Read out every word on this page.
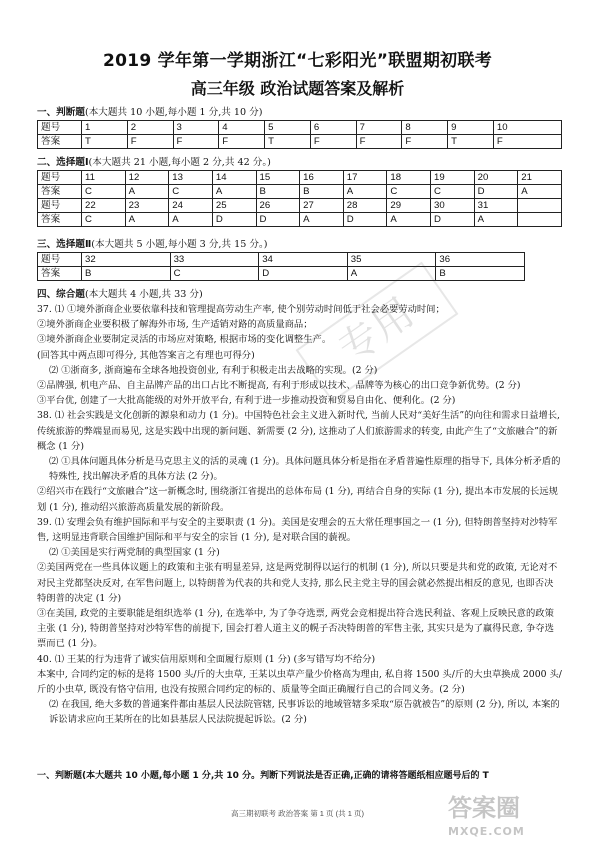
专用
2019 学年第一学期浙江“七彩阳光”联盟期初联考
高三年级 政治试题答案及解析
一、判断题(本大题共 10 小题,每小题 1 分,共 10 分)
题号	1	2	3	4	5	6	7	8	9	10
答案	T	F	F	F	T	F	F	F	T	F
二、选择题Ⅰ(本大题共 21 小题,每小题 2 分,共 42 分。)
题号	11	12	13	14	15	16	17	18	19	20	21
答案	C	A	C	A	B	B	A	C	C	D	A
题号	22	23	24	25	26	27	28	29	30	31	
答案	C	A	A	D	D	A	D	A	D	A	
三、选择题Ⅱ(本大题共 5 小题,每小题 3 分,共 15 分。)
题号	32	33	34	35	36
答案	B	C	D	A	B
四、综合题(本大题共 4 小题,共 33 分)

37. ⑴ ①境外浙商企业要依靠科技和管理提高劳动生产率, 使个别劳动时间低于社会必要劳动时间；

②境外浙商企业要积极了解海外市场, 生产适销对路的高质量商品；

③境外浙商企业要制定灵活的市场应对策略, 根据市场的变化调整生产。

(回答其中两点即可得分, 其他答案言之有理也可得分)

⑵ ①浙商多, 浙商遍布全球各地投资创业, 有利于积极走出去战略的实现。(2 分)

②品牌强, 机电产品、自主品牌产品的出口占比不断提高, 有利于形成以技术、品牌等为核心的出口竞争新优势。(2 分)

③平台优, 创建了一大批高能级的对外开放平台, 有利于进一步推动投资和贸易自由化、便利化。(2 分)

38. ⑴ 社会实践是文化创新的源泉和动力 (1 分)。中国特色社会主义进入新时代, 当前人民对“美好生活”的向往和需求日益增长, 传统旅游的弊端显而易见, 这是实践中出现的新问题、新需要 (2 分), 这推动了人们旅游需求的转变, 由此产生了“文旅融合”的新概念 (1 分)

⑵ ①具体问题具体分析是马克思主义的活的灵魂 (1 分)。具体问题具体分析是指在矛盾普遍性原理的指导下, 具体分析矛盾的特殊性, 找出解决矛盾的具体方法 (2 分)。

②绍兴市在践行“文旅融合”这一新概念时, 围绕浙江省提出的总体布局 (1 分), 再结合自身的实际 (1 分), 提出本市发展的长远规划 (1 分), 推动绍兴旅游高质量发展的新阶段。

39. ⑴ 安理会负有维护国际和平与安全的主要职责 (1 分)。美国是安理会的五大常任理事国之一 (1 分), 但特朗普坚持对沙特军售, 这明显违背联合国维护国际和平与安全的宗旨 (1 分), 是对联合国的藐视。

⑵ ①美国是实行两党制的典型国家 (1 分)

②美国两党在一些具体议题上的政策和主张有明显差异, 这是两党制得以运行的机制 (1 分), 所以只要是共和党的政策, 无论对不对民主党都坚决反对, 在军售问题上, 以特朗普为代表的共和党人支持, 那么民主党主导的国会就必然提出相反的意见, 也即否决特朗普的决定 (1 分)

③在美国, 政党的主要职能是组织选举 (1 分), 在选举中, 为了争夺选票, 两党会竞相提出符合选民利益、客观上反映民意的政策主张 (1 分), 特朗普坚持对沙特军售的前提下, 国会打着人道主义的幌子否决特朗普的军售主张, 其实只是为了赢得民意, 争夺选票而已 (1 分)。

40. ⑴ 王某的行为违背了诚实信用原则和全面履行原则 (1 分) (多写错写均不给分)

本案中, 合同约定的标的是将 1500 头/斤的大虫草, 王某以虫草产量少价格高为理由, 私自将 1500 头/斤的大虫草换成 2000 头/斤的小虫草, 既没有恪守信用, 也没有按照合同约定的标的、质量等全面正确履行自己的合同义务。(2 分)

⑵ 在我国, 绝大多数的普通案件都由基层人民法院管辖, 民事诉讼的地域管辖多采取“原告就被告”的原则 (2 分), 所以, 本案的诉讼请求应向王某所在的比如县基层人民法院提起诉讼。(2 分)

一、判断题(本大题共 10 小题,每小题 1 分,共 10 分。判断下列说法是否正确,正确的请将答题纸相应题号后的 T
高三期初联考 政治答案 第 1 页 (共 1 页)	答案圈
MXQE.COM
